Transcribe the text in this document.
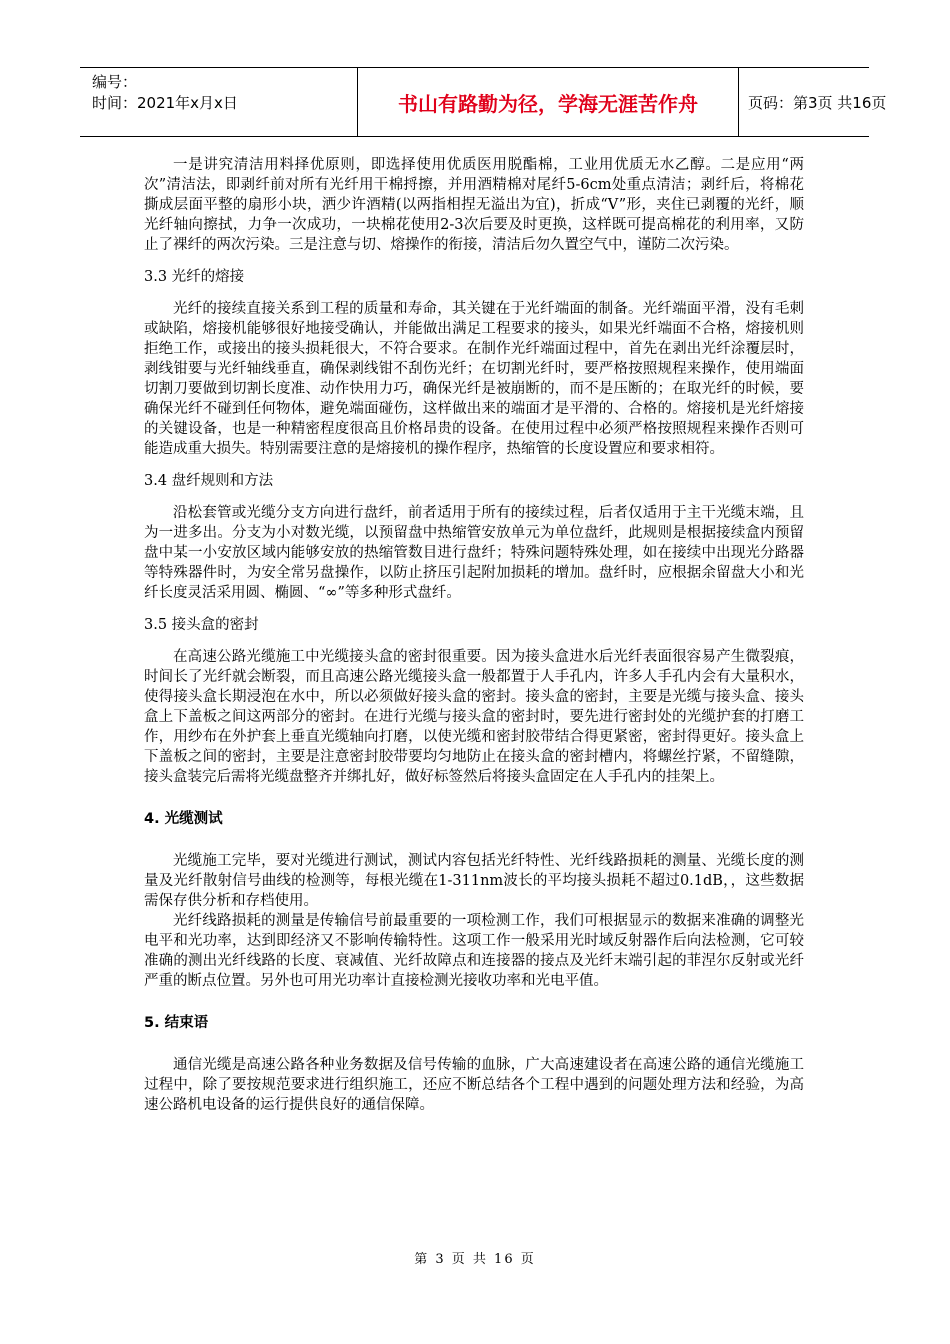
编号：
时间：2021年x月x日	书山有路勤为径，学海无涯苦作舟	页码：第3页 共16页

一是讲究清洁用料择优原则，即选择使用优质医用脱酯棉，工业用优质无水乙醇。二是应用“两次”清洁法，即剥纤前对所有光纤用干棉捋擦，并用酒精棉对尾纤5-6cm处重点清洁；剥纤后，将棉花撕成层面平整的扇形小块，洒少许酒精(以两指相捏无溢出为宜)，折成“V”形，夹住已剥覆的光纤，顺光纤轴向擦拭，力争一次成功，一块棉花使用2-3次后要及时更换，这样既可提高棉花的利用率，又防止了裸纤的两次污染。三是注意与切、熔操作的衔接，清洁后勿久置空气中，谨防二次污染。

3.3 光纤的熔接

光纤的接续直接关系到工程的质量和寿命，其关键在于光纤端面的制备。光纤端面平滑，没有毛刺或缺陷，熔接机能够很好地接受确认，并能做出满足工程要求的接头，如果光纤端面不合格，熔接机则拒绝工作，或接出的接头损耗很大，不符合要求。在制作光纤端面过程中，首先在剥出光纤涂覆层时，剥线钳要与光纤轴线垂直，确保剥线钳不刮伤光纤；在切割光纤时，要严格按照规程来操作，使用端面切割刀要做到切割长度准、动作快用力巧，确保光纤是被崩断的，而不是压断的；在取光纤的时候，要确保光纤不碰到任何物体，避免端面碰伤，这样做出来的端面才是平滑的、合格的。熔接机是光纤熔接的关键设备，也是一种精密程度很高且价格昂贵的设备。在使用过程中必须严格按照规程来操作否则可能造成重大损失。特别需要注意的是熔接机的操作程序，热缩管的长度设置应和要求相符。

3.4 盘纤规则和方法

沿松套管或光缆分支方向进行盘纤，前者适用于所有的接续过程，后者仅适用于主干光缆末端，且为一进多出。分支为小对数光缆，以预留盘中热缩管安放单元为单位盘纤，此规则是根据接续盒内预留盘中某一小安放区域内能够安放的热缩管数目进行盘纤；特殊问题特殊处理，如在接续中出现光分路器等特殊器件时，为安全常另盘操作，以防止挤压引起附加损耗的增加。盘纤时，应根据余留盘大小和光纤长度灵活采用圆、椭圆、“∞”等多种形式盘纤。

3.5 接头盒的密封

在高速公路光缆施工中光缆接头盒的密封很重要。因为接头盒进水后光纤表面很容易产生微裂痕，时间长了光纤就会断裂，而且高速公路光缆接头盒一般都置于人手孔内，许多人手孔内会有大量积水，使得接头盒长期浸泡在水中，所以必须做好接头盒的密封。接头盒的密封，主要是光缆与接头盒、接头盒上下盖板之间这两部分的密封。在进行光缆与接头盒的密封时，要先进行密封处的光缆护套的打磨工作，用纱布在外护套上垂直光缆轴向打磨，以使光缆和密封胶带结合得更紧密，密封得更好。接头盒上下盖板之间的密封，主要是注意密封胶带要均匀地防止在接头盒的密封槽内，将螺丝拧紧，不留缝隙，接头盒装完后需将光缆盘整齐并绑扎好，做好标签然后将接头盒固定在人手孔内的挂架上。

4. 光缆测试

光缆施工完毕，要对光缆进行测试，测试内容包括光纤特性、光纤线路损耗的测量、光缆长度的测量及光纤散射信号曲线的检测等，每根光缆在1-311nm波长的平均接头损耗不超过0.1dB，，这些数据需保存供分析和存档使用。

光纤线路损耗的测量是传输信号前最重要的一项检测工作，我们可根据显示的数据来准确的调整光电平和光功率，达到即经济又不影响传输特性。这项工作一般采用光时域反射器作后向法检测，它可较准确的测出光纤线路的长度、衰减值、光纤故障点和连接器的接点及光纤末端引起的菲涅尔反射或光纤严重的断点位置。另外也可用光功率计直接检测光接收功率和光电平值。

5. 结束语

通信光缆是高速公路各种业务数据及信号传输的血脉，广大高速建设者在高速公路的通信光缆施工过程中，除了要按规范要求进行组织施工，还应不断总结各个工程中遇到的问题处理方法和经验，为高速公路机电设备的运行提供良好的通信保障。

第 3 页 共 16 页
